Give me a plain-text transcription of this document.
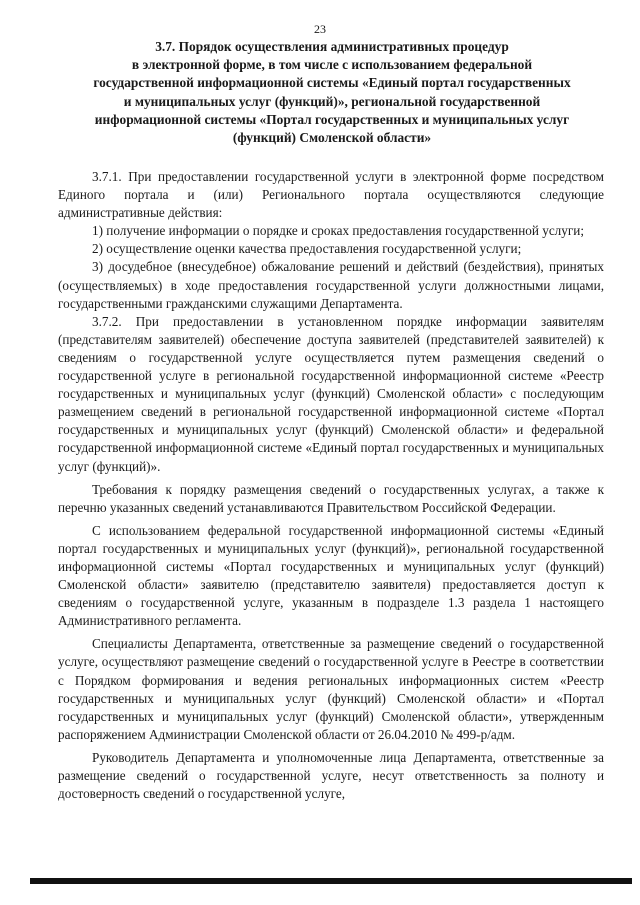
23
3.7. Порядок осуществления административных процедур
в электронной форме, в том числе с использованием федеральной
государственной информационной системы «Единый портал государственных
и муниципальных услуг (функций)», региональной государственной
информационной системы «Портал государственных и муниципальных услуг
(функций) Смоленской области»

3.7.1. При предоставлении государственной услуги в электронной форме посредством Единого портала и (или) Регионального портала осуществляются следующие административные действия:

1) получение информации о порядке и сроках предоставления государственной услуги;

2) осуществление оценки качества предоставления государственной услуги;

3) досудебное (внесудебное) обжалование решений и действий (бездействия), принятых (осуществляемых) в ходе предоставления государственной услуги должностными лицами, государственными гражданскими служащими Департамента.

3.7.2. При предоставлении в установленном порядке информации заявителям (представителям заявителей) обеспечение доступа заявителей (представителей заявителей) к сведениям о государственной услуге осуществляется путем размещения сведений о государственной услуге в региональной государственной информационной системе «Реестр государственных и муниципальных услуг (функций) Смоленской области» с последующим размещением сведений в региональной государственной информационной системе «Портал государственных и муниципальных услуг (функций) Смоленской области» и федеральной государственной информационной системе «Единый портал государственных и муниципальных услуг (функций)».

Требования к порядку размещения сведений о государственных услугах, а также к перечню указанных сведений устанавливаются Правительством Российской Федерации.

С использованием федеральной государственной информационной системы «Единый портал государственных и муниципальных услуг (функций)», региональной государственной информационной системы «Портал государственных и муниципальных услуг (функций) Смоленской области» заявителю (представителю заявителя) предоставляется доступ к сведениям о государственной услуге, указанным в подразделе 1.3 раздела 1 настоящего Административного регламента.

Специалисты Департамента, ответственные за размещение сведений о государственной услуге, осуществляют размещение сведений о государственной услуге в Реестре в соответствии с Порядком формирования и ведения региональных информационных систем «Реестр государственных и муниципальных услуг (функций) Смоленской области» и «Портал государственных и муниципальных услуг (функций) Смоленской области», утвержденным распоряжением Администрации Смоленской области от 26.04.2010 № 499-р/адм.

Руководитель Департамента и уполномоченные лица Департамента, ответственные за размещение сведений о государственной услуге, несут ответственность за полноту и достоверность сведений о государственной услуге,
